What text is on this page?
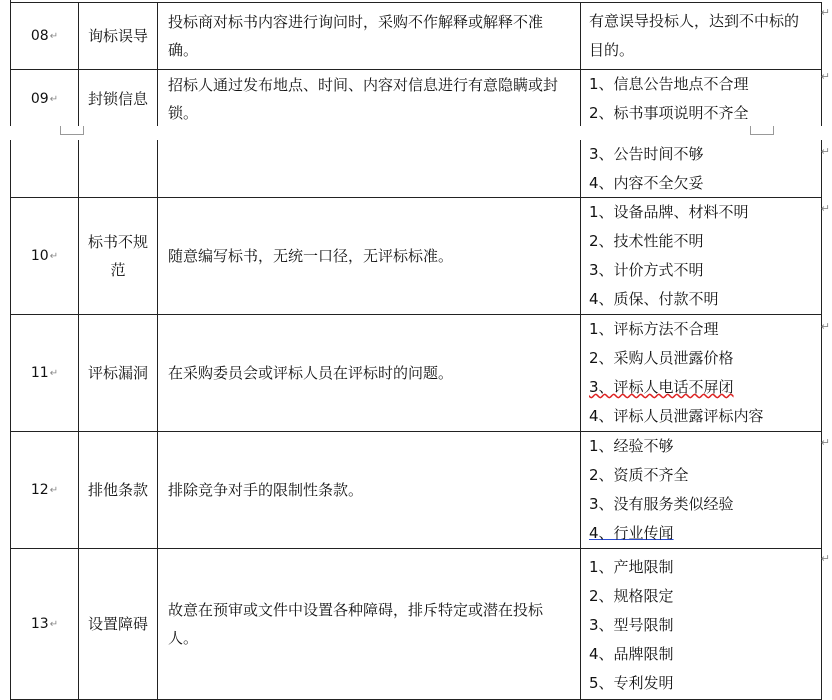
08 ↵ 询标误导
投标商对标书内容进行询问时，采购不作解释或解释不准确。
有意误导投标人，达到不中标的目的。
09 ↵ 封锁信息
招标人通过发布地点、时间、内容对信息进行有意隐瞒或封锁。
1、信息公告地点不合理
2、标书事项说明不齐全
3、公告时间不够
4、内容不全欠妥
10 ↵
标书不规范
随意编写标书，无统一口径，无评标标准。
1、设备品牌、材料不明
2、技术性能不明
3、计价方式不明
4、质保、付款不明
11 ↵ 评标漏洞 在采购委员会或评标人员在评标时的问题。
1、评标方法不合理
2、采购人员泄露价格
3、评标人电话不屏闭
4、评标人员泄露评标内容
12 ↵ 排他条款 排除竞争对手的限制性条款。
1、经验不够
2、资质不齐全
3、没有服务类似经验
4、行业传闻
13 ↵ 设置障碍
故意在预审或文件中设置各种障碍，排斥特定或潜在投标人。
1、产地限制
2、规格限定
3、型号限制
4、品牌限制
5、专利发明
↵
↵
↵
↵
↵
↵
↵
